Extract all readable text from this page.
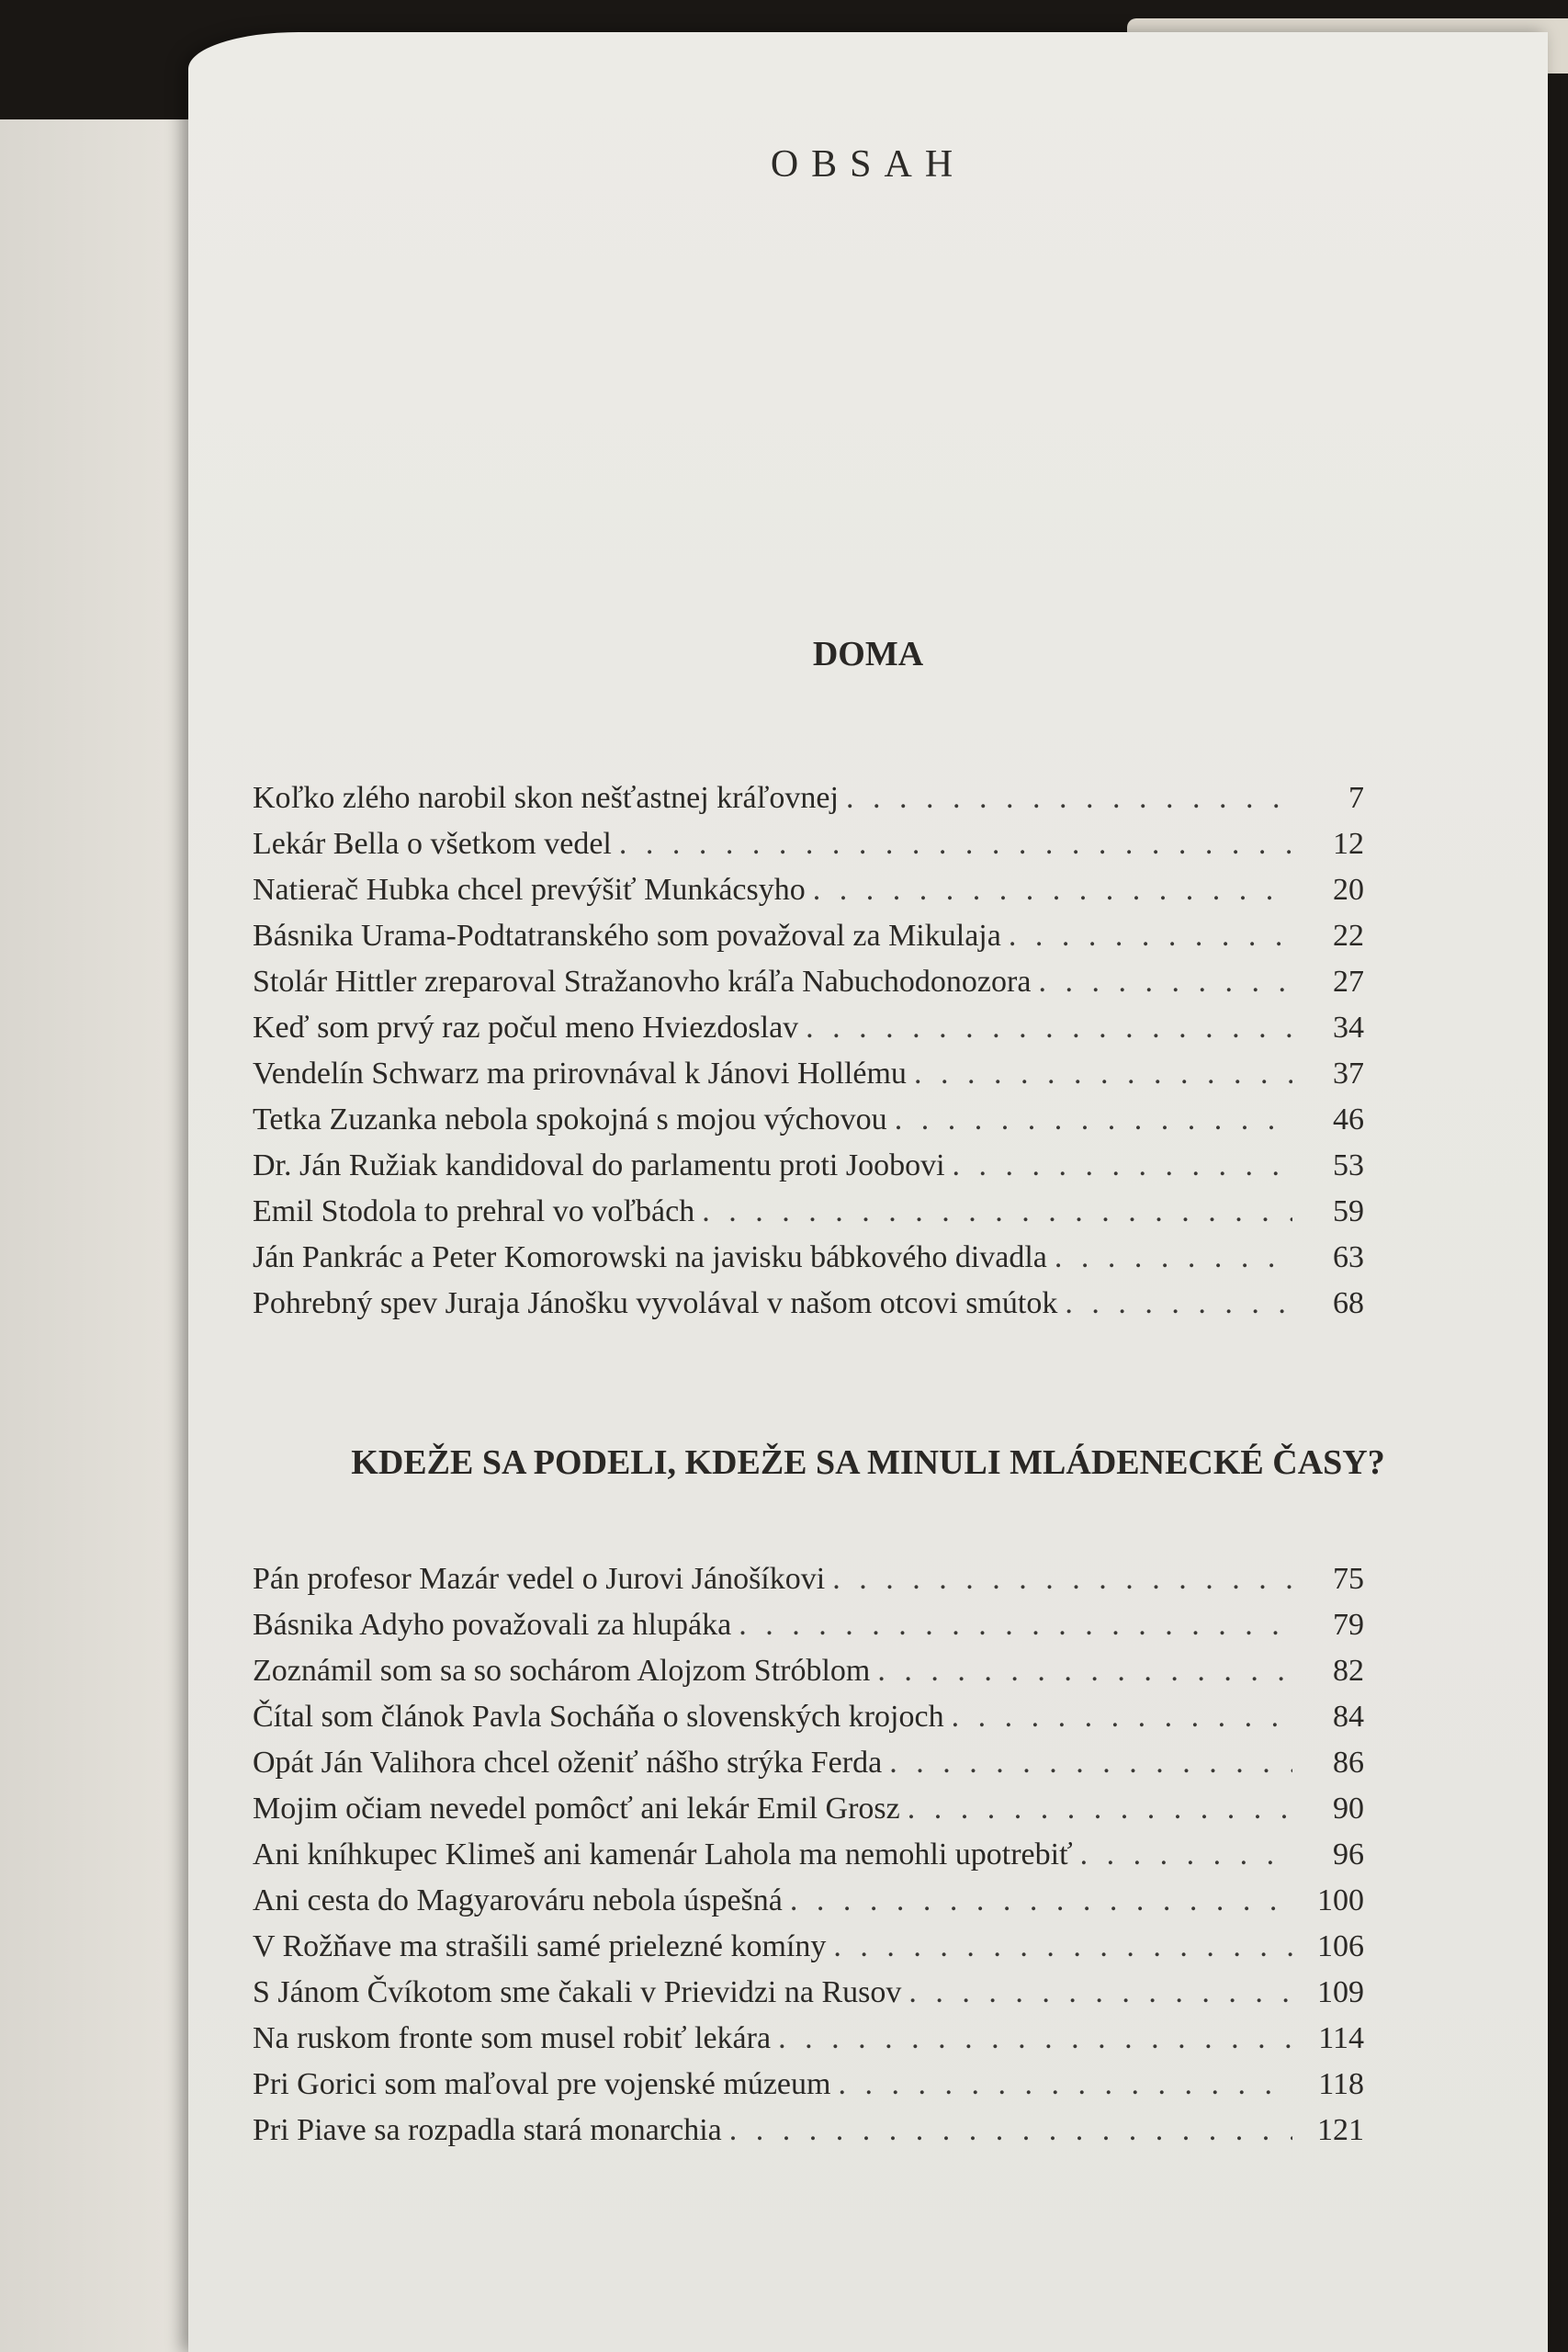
OBSAH
DOMA
Koľko zlého narobil skon nešťastnej kráľovnej . . .	7
Lekár Bella o všetkom vedel . . .	12
Natierač Hubka chcel prevýšiť Munkácsyho . . .	20
Básnika Urama-Podtatranského som považoval za Mikulaja . . .	22
Stolár Hittler zreparoval Stražanovho kráľa Nabuchodonozora . . .	27
Keď som prvý raz počul meno Hviezdoslav . . .	34
Vendelín Schwarz ma prirovnával k Jánovi Hollému . . .	37
Tetka Zuzanka nebola spokojná s mojou výchovou . . .	46
Dr. Ján Ružiak kandidoval do parlamentu proti Joobovi . . .	53
Emil Stodola to prehral vo voľbách . . .	59
Ján Pankrác a Peter Komorowski na javisku bábkového divadla . . .	63
Pohrebný spev Juraja Jánošku vyvolával v našom otcovi smútok . . .	68
KDEŽE SA PODELI, KDEŽE SA MINULI MLÁDENECKÉ ČASY?
Pán profesor Mazár vedel o Jurovi Jánošíkovi . . .	75
Básnika Adyho považovali za hlupáka . . .	79
Zoznámil som sa so sochárom Alojzom Stróblom . . .	82
Čítal som článok Pavla Socháňa o slovenských krojoch . . .	84
Opát Ján Valihora chcel oženiť nášho strýka Ferda . . .	86
Mojim očiam nevedel pomôcť ani lekár Emil Grosz . . .	90
Ani kníhkupec Klimeš ani kamenár Lahola ma nemohli upotrebiť . . .	96
Ani cesta do Magyarováru nebola úspešná . . .	100
V Rožňave ma strašili samé prielezné komíny . . .	106
S Jánom Čvíkotom sme čakali v Prievidzi na Rusov . . .	109
Na ruskom fronte som musel robiť lekára . . .	114
Pri Gorici som maľoval pre vojenské múzeum . . .	118
Pri Piave sa rozpadla stará monarchia . . .	121
